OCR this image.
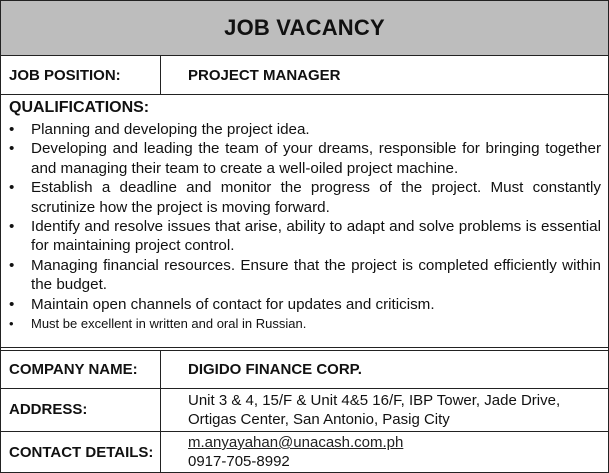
JOB VACANCY
JOB POSITION:	PROJECT MANAGER
QUALIFICATIONS:
• Planning and developing the project idea.
• Developing and leading the team of your dreams, responsible for bringing together and managing their team to create a well-oiled project machine.
• Establish a deadline and monitor the progress of the project. Must constantly scrutinize how the project is moving forward.
• Identify and resolve issues that arise, ability to adapt and solve problems is essential for maintaining project control.
• Managing financial resources. Ensure that the project is completed efficiently within the budget.
• Maintain open channels of contact for updates and criticism.
• Must be excellent in written and oral in Russian.
COMPANY NAME:	DIGIDO FINANCE CORP.
ADDRESS:
Unit 3 & 4, 15/F & Unit 4&5 16/F, IBP Tower, Jade Drive,
Ortigas Center, San Antonio, Pasig City
CONTACT DETAILS:
m.anyayahan@unacash.com.ph
0917-705-8992
